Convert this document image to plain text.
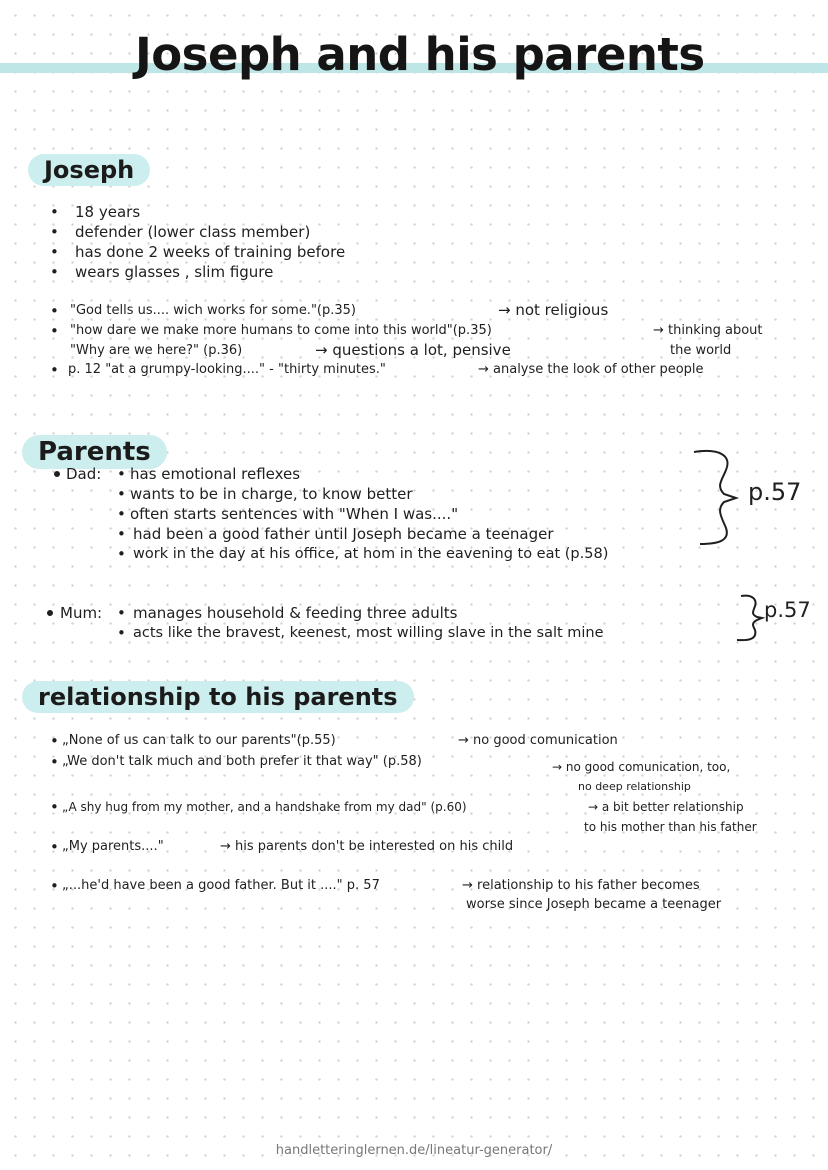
Joseph and his parents
Joseph
• 18 years
• defender (lower class member)
• has done 2 weeks of training before
• wears glasses , slim figure
• "God tells us.... wich works for some."(p.35)	→ not religious
• "how dare we make more humans to come into this world"(p.35)	→ thinking about
"Why are we here?" (p.36)	→ questions a lot, pensive	the world
• p. 12 "at a grumpy-looking...." - "thirty minutes."	→ analyse the look of other people
Parents
Dad: • has emotional reflexes
• wants to be in charge, to know better
• often starts sentences with "When I was...."
• had been a good father until Joseph became a teenager
• work in the day at his office, at hom in the eavening to eat (p.58)
p.57
Mum: • manages household & feeding three adults
• acts like the bravest, keenest, most willing slave in the salt mine
p.57
relationship to his parents
• „None of us can talk to our parents"(p.55)	→ no good comunication
• „We don't talk much and both prefer it that way" (p.58)	→ no good comunication, too,
no deep relationship
• „A shy hug from my mother, and a handshake from my dad" (p.60)	→ a bit better relationship
to his mother than his father
• „My parents...."	→ his parents don't be interested on his child
• „...he'd have been a good father. But it ...." p. 57	→ relationship to his father becomes
worse since Joseph became a teenager
handletteringlernen.de/lineatur-generator/
